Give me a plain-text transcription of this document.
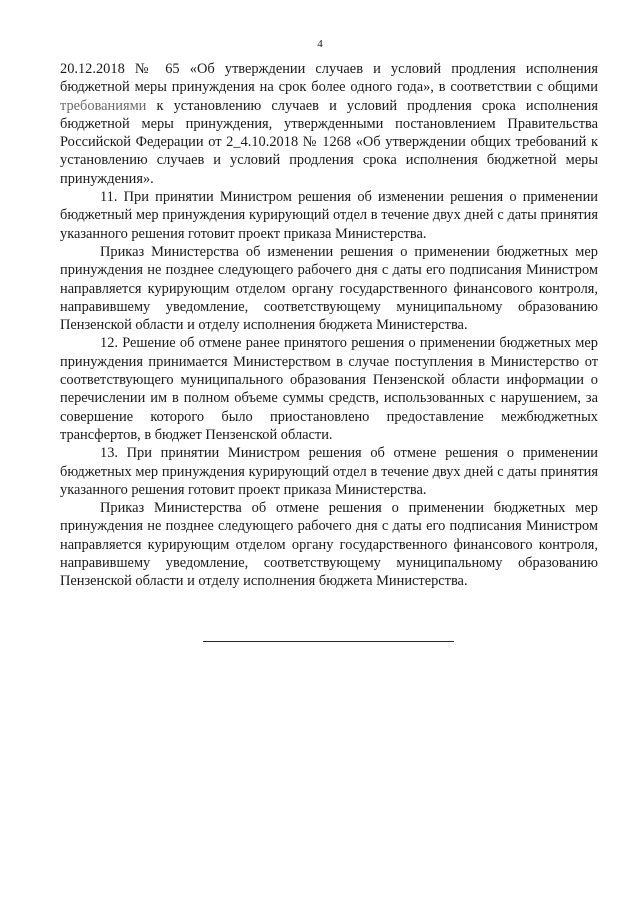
4

20.12.2018 № 65 «Об утверждении случаев и условий продления исполнения бюджетной меры принуждения на срок более одного года», в соответствии с общими требованиями к установлению случаев и условий продления срока исполнения бюджетной меры принуждения, утвержденными постановлением Правительства Российской Федерации от 2_4.10.2018 № 1268 «Об утверждении общих требований к установлению случаев и условий продления срока исполнения бюджетной меры принуждения».

11. При принятии Министром решения об изменении решения о применении бюджетный мер принуждения курирующий отдел в течение двух дней с даты принятия указанного решения готовит проект приказа Министерства.

Приказ Министерства об изменении решения о применении бюджетных мер принуждения не позднее следующего рабочего дня с даты его подписания Министром направляется курирующим отделом органу государственного финансового контроля, направившему уведомление, соответствующему муниципальному образованию Пензенской области и отделу исполнения бюджета Министерства.

12. Решение об отмене ранее принятого решения о применении бюджетных мер принуждения принимается Министерством в случае поступления в Министерство от соответствующего муниципального образования Пензенской области информации о перечислении им в полном объеме суммы средств, использованных с нарушением, за совершение которого было приостановлено предоставление межбюджетных трансфертов, в бюджет Пензенской области.

13. При принятии Министром решения об отмене решения о применении бюджетных мер принуждения курирующий отдел в течение двух дней с даты принятия указанного решения готовит проект приказа Министерства.

Приказ Министерства об отмене решения о применении бюджетных мер принуждения не позднее следующего рабочего дня с даты его подписания Министром направляется курирующим отделом органу государственного финансового контроля, направившему уведомление, соответствующему муниципальному образованию Пензенской области и отделу исполнения бюджета Министерства.
